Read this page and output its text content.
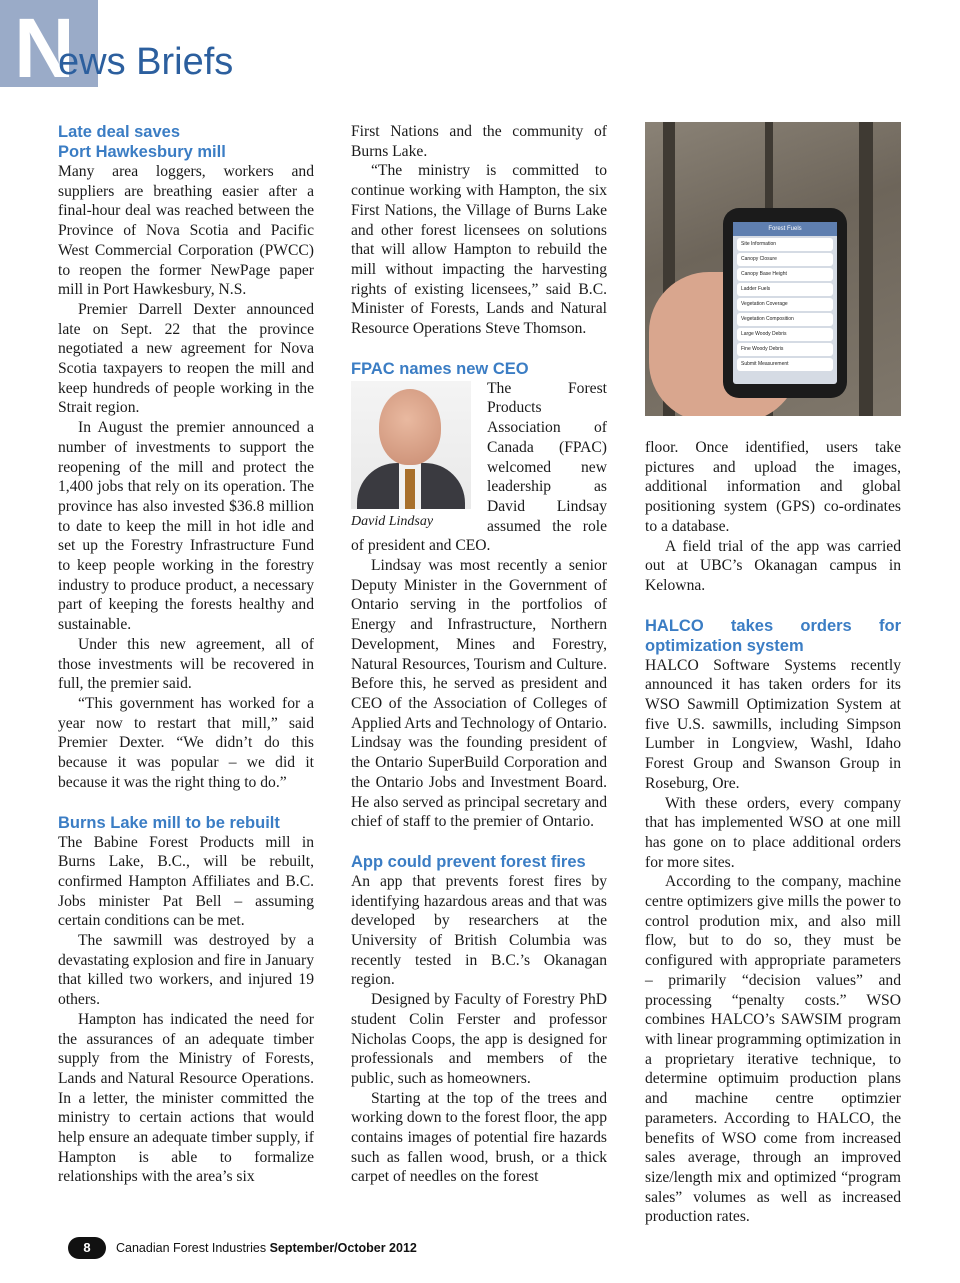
N
ews Briefs
Late deal saves
Port Hawkesbury mill

Many area loggers, workers and suppliers are breathing easier after a final-hour deal was reached between the Province of Nova Scotia and Pacific West Commercial Corporation (PWCC) to reopen the former NewPage paper mill in Port Hawkesbury, N.S.

Premier Darrell Dexter announced late on Sept. 22 that the province negotiated a new agreement for Nova Scotia taxpayers to reopen the mill and keep hundreds of people working in the Strait region.

In August the premier announced a number of investments to support the reopening of the mill and protect the 1,400 jobs that rely on its operation. The province has also invested $36.8 million to date to keep the mill in hot idle and set up the Forestry Infrastructure Fund to keep people working in the forestry industry to produce product, a necessary part of keeping the forests healthy and sustainable.

Under this new agreement, all of those investments will be recovered in full, the premier said.

“This government has worked for a year now to restart that mill,” said Premier Dexter. “We didn’t do this because it was popular – we did it because it was the right thing to do.”

Burns Lake mill to be rebuilt

The Babine Forest Products mill in Burns Lake, B.C., will be rebuilt, confirmed Hampton Affiliates and B.C. Jobs minister Pat Bell – assuming certain conditions can be met.

The sawmill was destroyed by a devastating explosion and fire in January that killed two workers, and injured 19 others.

Hampton has indicated the need for the assurances of an adequate timber supply from the Ministry of Forests, Lands and Natural Resource Operations. In a letter, the minister committed the ministry to certain actions that would help ensure an adequate timber supply, if Hampton is able to formalize relationships with the area’s six

First Nations and the community of Burns Lake.

“The ministry is committed to continue working with Hampton, the six First Nations, the Village of Burns Lake and other forest licensees on solutions that will allow Hampton to rebuild the mill without impacting the harvesting rights of existing licensees,” said B.C. Minister of Forests, Lands and Natural Resource Operations Steve Thomson.

FPAC names new CEO
David Lindsay

The Forest Products Association of Canada (FPAC) welcomed new leadership as David Lindsay assumed the role of president and CEO.

Lindsay was most recently a senior Deputy Minister in the Government of Ontario serving in the portfolios of Energy and Infrastructure, Northern Development, Mines and Forestry, Natural Resources, Tourism and Culture. Before this, he served as president and CEO of the Association of Colleges of Applied Arts and Technology of Ontario. Lindsay was the founding president of the Ontario SuperBuild Corporation and the Ontario Jobs and Investment Board. He also served as principal secretary and chief of staff to the premier of Ontario.

App could prevent forest fires

An app that prevents forest fires by identifying hazardous areas and that was developed by researchers at the University of British Columbia was recently tested in B.C.’s Okanagan region.

Designed by Faculty of Forestry PhD student Colin Ferster and professor Nicholas Coops, the app is designed for professionals and members of the public, such as homeowners.

Starting at the top of the trees and working down to the forest floor, the app contains images of potential fire hazards such as fallen wood, brush, or a thick carpet of needles on the forest

Forest Fuels
Site Information
Canopy Closure
Canopy Base Height
Ladder Fuels
Vegetation Coverage
Vegetation Composition
Large Woody Debris
Fine Woody Debris
Submit Measurement

floor. Once identified, users take pictures and upload the images, additional information and global positioning system (GPS) co-ordinates to a database.

A field trial of the app was carried out at UBC’s Okanagan campus in Kelowna.

HALCO takes orders for
optimization system

HALCO Software Systems recently announced it has taken orders for its WSO Sawmill Optimization System at five U.S. sawmills, including Simpson Lumber in Longview, Washl, Idaho Forest Group and Swanson Group in Roseburg, Ore.

With these orders, every company that has implemented WSO at one mill has gone on to place additional orders for more sites.

According to the company, machine centre optimizers give mills the power to control prodution mix, and also mill flow, but to do so, they must be configured with appropriate parameters – primarily “decision values” and processing “penalty costs.” WSO combines HALCO’s SAWSIM program with linear programming optimization in a proprietary iterative technique, to determine optimuim production plans and machine centre optimzier parameters. According to HALCO, the benefits of WSO come from increased sales average, through an improved size/length mix and optimized “program sales” volumes as well as increased production rates.

8	Canadian Forest Industries September/October 2012
